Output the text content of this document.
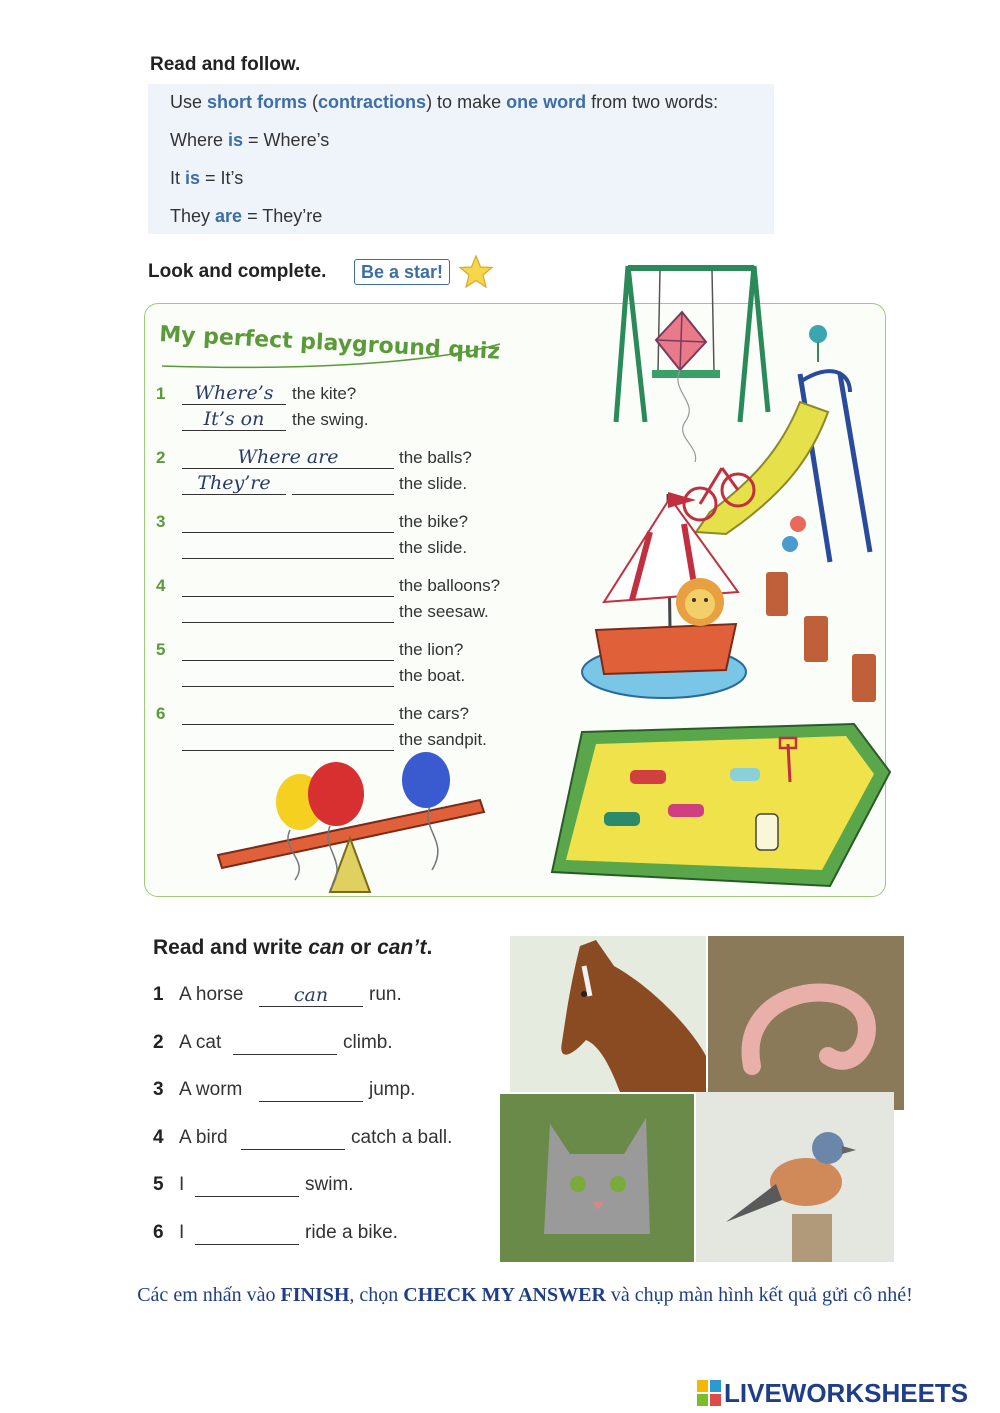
Read and follow.
Use short forms (contractions) to make one word from two words:
Where is = Where’s
It is = It’s
They are = They’re
Look and complete.	Be a star!
My perfect playground quiz
1	Where’s	the kite?
It’s on	the swing.
2	Where are	the balls?
They’re	the slide.
3	the bike?
the slide.
4	the balloons?
the seesaw.
5	the lion?
the boat.
6	the cars?
the sandpit.
Read and write can or can’t.
1 A horse	can	run.
2 A cat	climb.
3 A worm	jump.
4 A bird	catch a ball.
5 I	swim.
6 I	ride a bike.
Các em nhấn vào FINISH, chọn CHECK MY ANSWER và chụp màn hình kết quả gửi cô nhé!
LIVEWORKSHEETS
